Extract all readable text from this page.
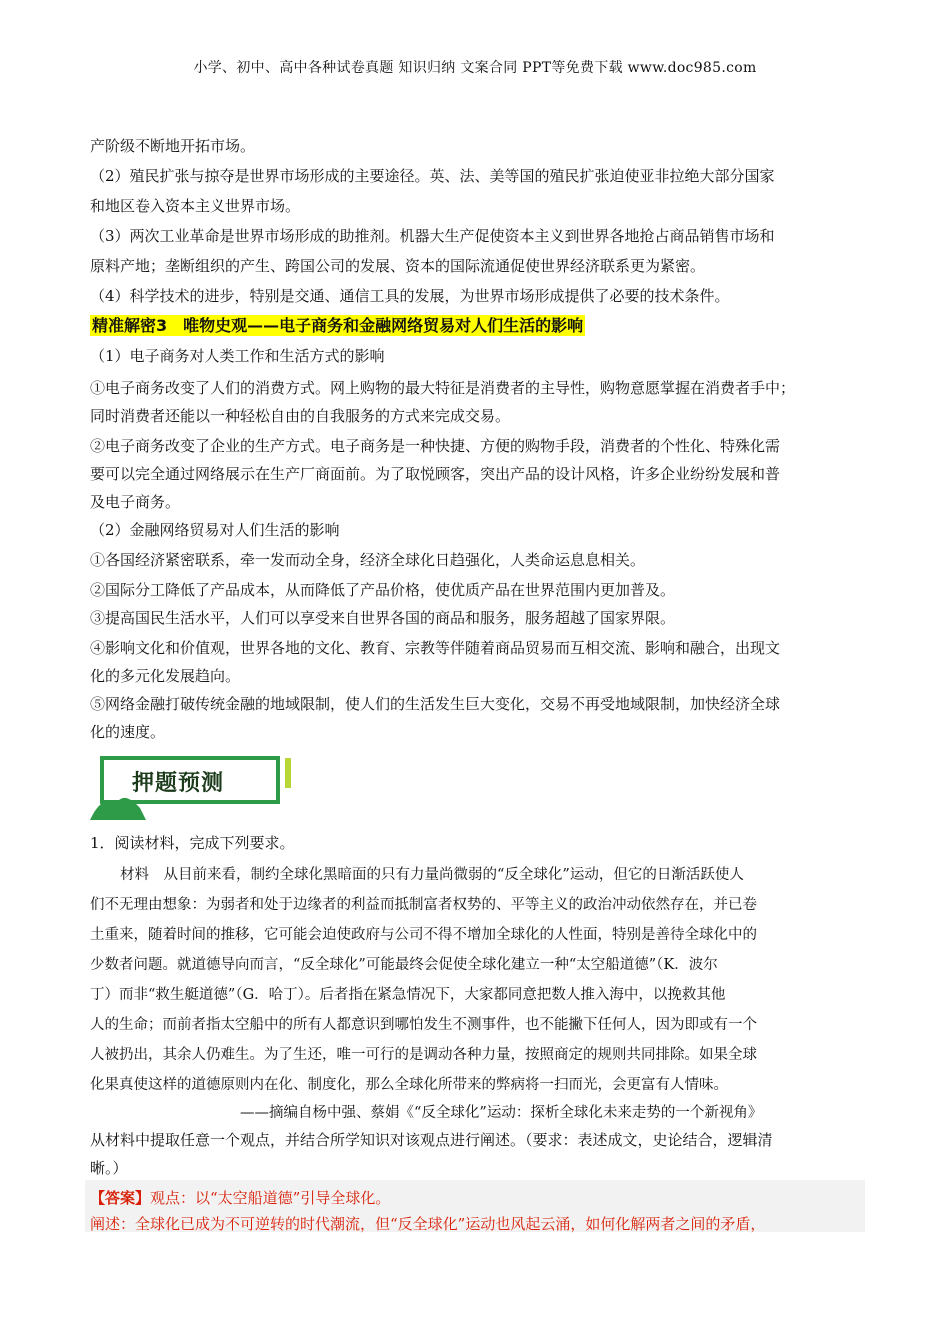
小学、初中、高中各种试卷真题 知识归纳 文案合同 PPT等免费下载 www.doc985.com
产阶级不断地开拓市场。
（2）殖民扩张与掠夺是世界市场形成的主要途径。英、法、美等国的殖民扩张迫使亚非拉绝大部分国家
和地区卷入资本主义世界市场。
（3）两次工业革命是世界市场形成的助推剂。机器大生产促使资本主义到世界各地抢占商品销售市场和
原料产地；垄断组织的产生、跨国公司的发展、资本的国际流通促使世界经济联系更为紧密。
（4）科学技术的进步，特别是交通、通信工具的发展，为世界市场形成提供了必要的技术条件。
精准解密3　唯物史观——电子商务和金融网络贸易对人们生活的影响
（1）电子商务对人类工作和生活方式的影响
①电子商务改变了人们的消费方式。网上购物的最大特征是消费者的主导性，购物意愿掌握在消费者手中；
同时消费者还能以一种轻松自由的自我服务的方式来完成交易。
②电子商务改变了企业的生产方式。电子商务是一种快捷、方便的购物手段，消费者的个性化、特殊化需
要可以完全通过网络展示在生产厂商面前。为了取悦顾客，突出产品的设计风格，许多企业纷纷发展和普
及电子商务。
（2）金融网络贸易对人们生活的影响
①各国经济紧密联系，牵一发而动全身，经济全球化日趋强化，人类命运息息相关。
②国际分工降低了产品成本，从而降低了产品价格，使优质产品在世界范围内更加普及。
③提高国民生活水平，人们可以享受来自世界各国的商品和服务，服务超越了国家界限。
④影响文化和价值观，世界各地的文化、教育、宗教等伴随着商品贸易而互相交流、影响和融合，出现文
化的多元化发展趋向。
⑤网络金融打破传统金融的地域限制，使人们的生活发生巨大变化，交易不再受地域限制，加快经济全球
化的速度。
押题预测
1．阅读材料，完成下列要求。
材料　从目前来看，制约全球化黑暗面的只有力量尚微弱的“反全球化”运动，但它的日渐活跃使人
们不无理由想象：为弱者和处于边缘者的利益而抵制富者权势的、平等主义的政治冲动依然存在，并已卷
土重来，随着时间的推移，它可能会迫使政府与公司不得不增加全球化的人性面，特别是善待全球化中的
少数者问题。就道德导向而言，“反全球化”可能最终会促使全球化建立一种“太空船道德”（K．波尔
丁）而非“救生艇道德”（G．哈丁）。后者指在紧急情况下，大家都同意把数人推入海中，以挽救其他
人的生命；而前者指太空船中的所有人都意识到哪怕发生不测事件，也不能撇下任何人，因为即或有一个
人被扔出，其余人仍难生。为了生还，唯一可行的是调动各种力量，按照商定的规则共同排除。如果全球
化果真使这样的道德原则内在化、制度化，那么全球化所带来的弊病将一扫而光，会更富有人情味。
——摘编自杨中强、蔡娟《“反全球化”运动：探析全球化未来走势的一个新视角》
从材料中提取任意一个观点，并结合所学知识对该观点进行阐述。（要求：表述成文，史论结合，逻辑清
晰。）
【答案】观点：以“太空船道德”引导全球化。
阐述：全球化已成为不可逆转的时代潮流，但“反全球化”运动也风起云涌，如何化解两者之间的矛盾，
